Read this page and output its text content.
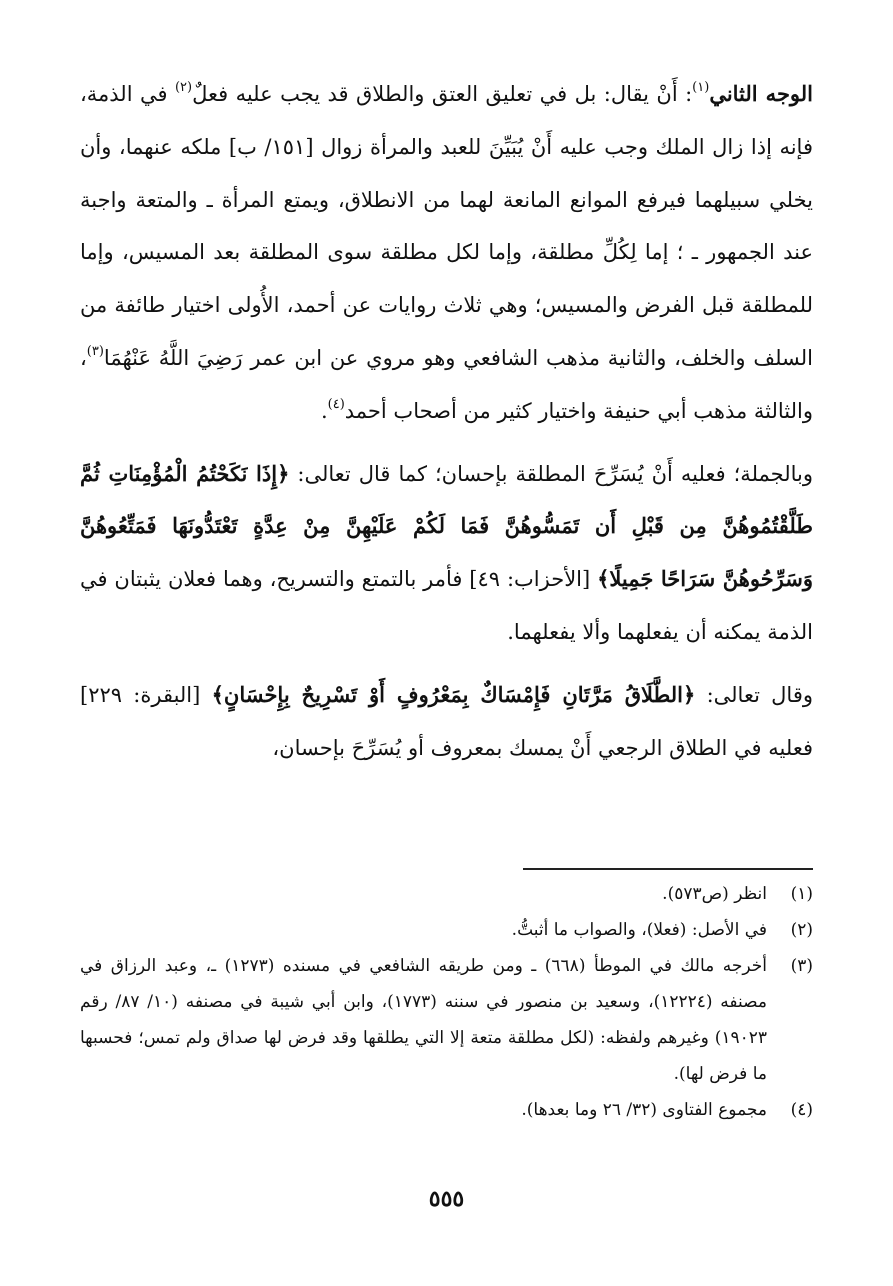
الوجه الثاني$^{(١)}$: أَنْ يقال: بل في تعليق العتق والطلاق قد يجب عليه فعلٌ$^{(٢)}$ في الذمة، فإنه إذا زال الملك وجب عليه أَنْ يُبَيِّنَ للعبد والمرأة زوال [١٥١/ ب] ملكه عنهما، وأن يخلي سبيلهما فيرفع الموانع المانعة لهما من الانطلاق، ويمتع المرأة ـ والمتعة واجبة عند الجمهور ـ ؛ إما لِكُلِّ مطلقة، وإما لكل مطلقة سوى المطلقة بعد المسيس، وإما للمطلقة قبل الفرض والمسيس؛ وهي ثلاث روايات عن أحمد، الأُولى اختيار طائفة من السلف والخلف، والثانية مذهب الشافعي وهو مروي عن ابن عمر رَضِيَ اللَّهُ عَنْهُمَا$^{(٣)}$، والثالثة مذهب أبي حنيفة واختيار كثير من أصحاب أحمد$^{(٤)}$.

وبالجملة؛ فعليه أَنْ يُسَرِّحَ المطلقة بإحسان؛ كما قال تعالى: ﴿إِذَا نَكَحْتُمُ الْمُؤْمِنَاتِ ثُمَّ طَلَّقْتُمُوهُنَّ مِن قَبْلِ أَن تَمَسُّوهُنَّ فَمَا لَكُمْ عَلَيْهِنَّ مِنْ عِدَّةٍ تَعْتَدُّونَهَا فَمَتِّعُوهُنَّ وَسَرِّحُوهُنَّ سَرَاحًا جَمِيلًا﴾ [الأحزاب: ٤٩] فأمر بالتمتع والتسريح، وهما فعلان يثبتان في الذمة يمكنه أن يفعلهما وألا يفعلهما.

وقال تعالى: ﴿الطَّلَاقُ مَرَّتَانِ فَإِمْسَاكٌ بِمَعْرُوفٍ أَوْ تَسْرِيحٌ بِإِحْسَانٍ﴾ [البقرة: ٢٢٩] فعليه في الطلاق الرجعي أَنْ يمسك بمعروف أو يُسَرِّحَ بإحسان،

(١)
انظر (ص٥٧٣).
(٢)
في الأصل: (فعلا)، والصواب ما أثبتُّ.
(٣)
أخرجه مالك في الموطأ (٦٦٨) ـ ومن طريقه الشافعي في مسنده (١٢٧٣) ـ، وعبد الرزاق في مصنفه (١٢٢٢٤)، وسعيد بن منصور في سننه (١٧٧٣)، وابن أبي شيبة في مصنفه (١٠/ ٨٧/ رقم ١٩٠٢٣) وغيرهم ولفظه: (لكل مطلقة متعة إلا التي يطلقها وقد فرض لها صداق ولم تمس؛ فحسبها ما فرض لها).
(٤)
مجموع الفتاوى (٣٢/ ٢٦ وما بعدها).
٥٥٥
